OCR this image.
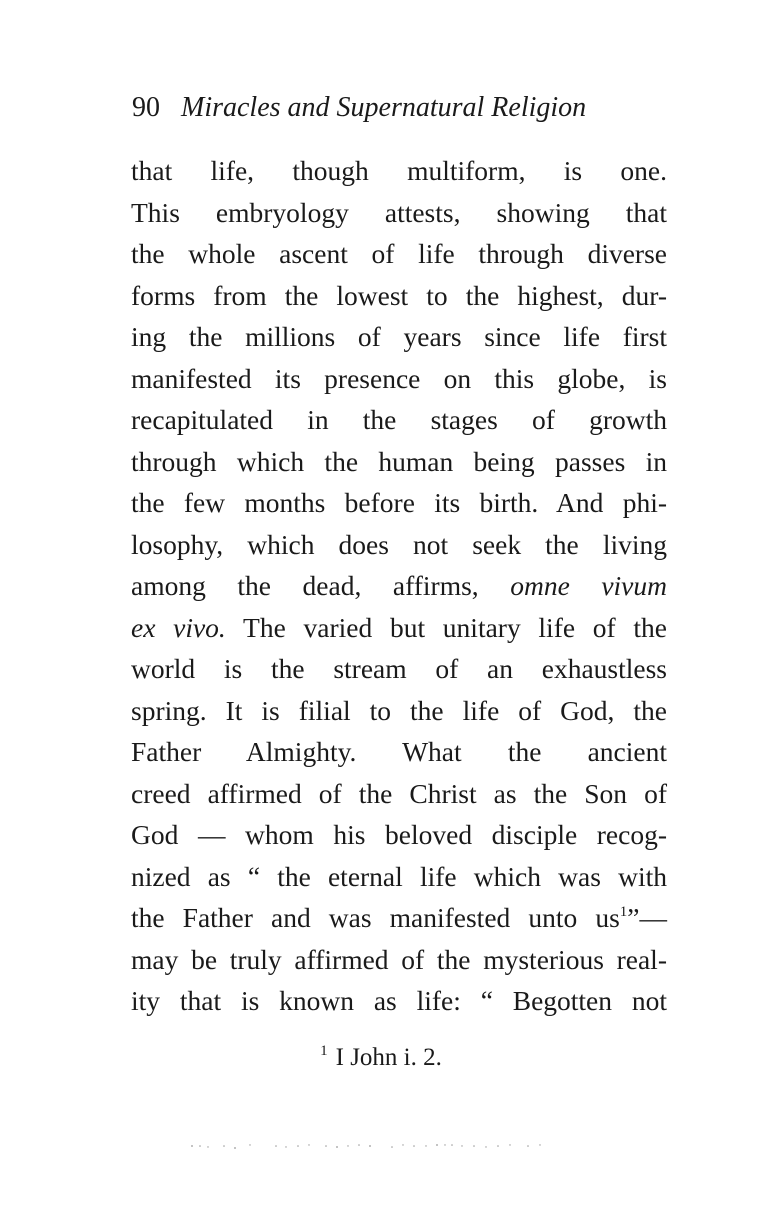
90 Miracles and Supernatural Religion
that life, though multiform, is one.
This embryology attests, showing that
the whole ascent of life through diverse
forms from the lowest to the highest, dur-
ing the millions of years since life first
manifested its presence on this globe, is
recapitulated in the stages of growth
through which the human being passes in
the few months before its birth. And phi-
losophy, which does not seek the living
among the dead, affirms, omne vivum
ex vivo. The varied but unitary life of the
world is the stream of an exhaustless
spring. It is filial to the life of God, the
Father Almighty. What the ancient
creed affirmed of the Christ as the Son of
God — whom his beloved disciple recog-
nized as “ the eternal life which was with
the Father and was manifested unto $us^1”—$
may be truly affirmed of the mysterious real-
ity that is known as life: “ Begotten not
$^1$ I John i. 2.
